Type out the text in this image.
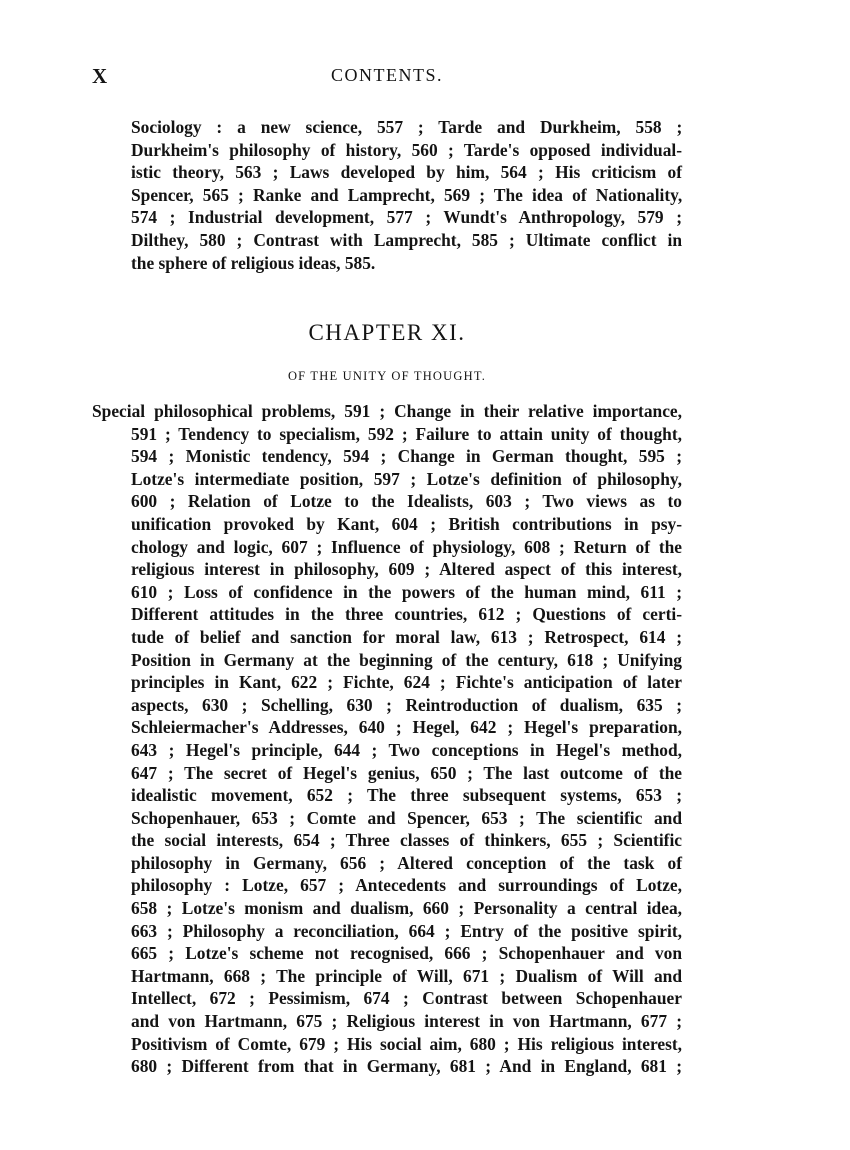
X	CONTENTS.
Sociology : a new science, 557 ; Tarde and Durkheim, 558 ;
Durkheim's philosophy of history, 560 ; Tarde's opposed individual-
istic theory, 563 ; Laws developed by him, 564 ; His criticism of
Spencer, 565 ; Ranke and Lamprecht, 569 ; The idea of Nationality,
574 ; Industrial development, 577 ; Wundt's Anthropology, 579 ;
Dilthey, 580 ; Contrast with Lamprecht, 585 ; Ultimate conflict in
the sphere of religious ideas, 585.
CHAPTER XI.
OF THE UNITY OF THOUGHT.
Special philosophical problems, 591 ; Change in their relative importance,
591 ; Tendency to specialism, 592 ; Failure to attain unity of thought,
594 ; Monistic tendency, 594 ; Change in German thought, 595 ;
Lotze's intermediate position, 597 ; Lotze's definition of philosophy,
600 ; Relation of Lotze to the Idealists, 603 ; Two views as to
unification provoked by Kant, 604 ; British contributions in psy-
chology and logic, 607 ; Influence of physiology, 608 ; Return of the
religious interest in philosophy, 609 ; Altered aspect of this interest,
610 ; Loss of confidence in the powers of the human mind, 611 ;
Different attitudes in the three countries, 612 ; Questions of certi-
tude of belief and sanction for moral law, 613 ; Retrospect, 614 ;
Position in Germany at the beginning of the century, 618 ; Unifying
principles in Kant, 622 ; Fichte, 624 ; Fichte's anticipation of later
aspects, 630 ; Schelling, 630 ; Reintroduction of dualism, 635 ;
Schleiermacher's Addresses, 640 ; Hegel, 642 ; Hegel's preparation,
643 ; Hegel's principle, 644 ; Two conceptions in Hegel's method,
647 ; The secret of Hegel's genius, 650 ; The last outcome of the
idealistic movement, 652 ; The three subsequent systems, 653 ;
Schopenhauer, 653 ; Comte and Spencer, 653 ; The scientific and
the social interests, 654 ; Three classes of thinkers, 655 ; Scientific
philosophy in Germany, 656 ; Altered conception of the task of
philosophy : Lotze, 657 ; Antecedents and surroundings of Lotze,
658 ; Lotze's monism and dualism, 660 ; Personality a central idea,
663 ; Philosophy a reconciliation, 664 ; Entry of the positive spirit,
665 ; Lotze's scheme not recognised, 666 ; Schopenhauer and von
Hartmann, 668 ; The principle of Will, 671 ; Dualism of Will and
Intellect, 672 ; Pessimism, 674 ; Contrast between Schopenhauer
and von Hartmann, 675 ; Religious interest in von Hartmann, 677 ;
Positivism of Comte, 679 ; His social aim, 680 ; His religious interest,
680 ; Different from that in Germany, 681 ; And in England, 681 ;
